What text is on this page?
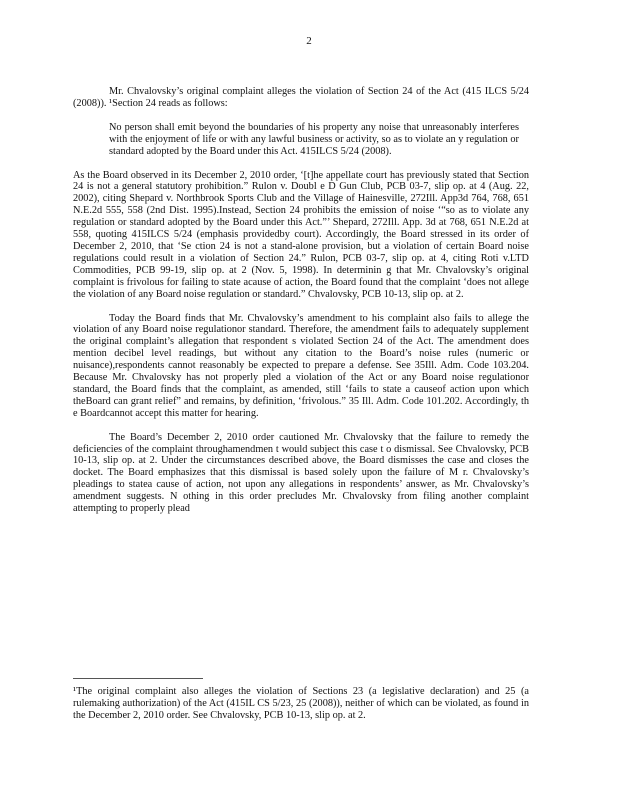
2

Mr. Chvalovsky’s original complaint alleges the violation of Section 24 of the Act (415 ILCS 5/24 (2008)). ¹Section 24 reads as follows:

No person shall emit beyond the boundaries of his property any noise that unreasonably interferes with the enjoyment of life or with any lawful business or activity, so as to violate an y regulation or standard adopted by the Board under this Act. 415ILCS 5/24 (2008).

As the Board observed in its December 2, 2010 order, ‘[t]he appellate court has previously stated that Section 24 is not a general statutory prohibition.” Rulon v. Doubl e D Gun Club, PCB 03-7, slip op. at 4 (Aug. 22, 2002), citing Shepard v. Northbrook Sports Club and the Village of Hainesville, 272Ill. App3d 764, 768, 651 N.E.2d 555, 558 (2nd Dist. 1995).Instead, Section 24 prohibits the emission of noise ‘“so as to violate any regulation or standard adopted by the Board under this Act.”’ Shepard, 272Ill. App. 3d at 768, 651 N.E.2d at 558, quoting 415ILCS 5/24 (emphasis providedby court). Accordingly, the Board stressed in its order of December 2, 2010, that ‘Se ction 24 is not a stand-alone provision, but a violation of certain Board noise regulations could result in a violation of Section 24.” Rulon, PCB 03-7, slip op. at 4, citing Roti v.LTD Commodities, PCB 99-19, slip op. at 2 (Nov. 5, 1998). In determinin g that Mr. Chvalovsky’s original complaint is frivolous for failing to state acause of action, the Board found that the complaint ‘does not allege the violation of any Board noise regulation or standard.” Chvalovsky, PCB 10-13, slip op. at 2.

Today the Board finds that Mr. Chvalovsky’s amendment to his complaint also fails to allege the violation of any Board noise regulationor standard. Therefore, the amendment fails to adequately supplement the original complaint’s allegation that respondent s violated Section 24 of the Act. The amendment does mention decibel level readings, but without any citation to the Board’s noise rules (numeric or nuisance),respondents cannot reasonably be expected to prepare a defense. See 35Ill. Adm. Code 103.204. Because Mr. Chvalovsky has not properly pled a violation of the Act or any Board noise regulationor standard, the Board finds that the complaint, as amended, still ‘fails to state a causeof action upon which theBoard can grant relief” and remains, by definition, ‘frivolous.” 35 Ill. Adm. Code 101.202. Accordingly, th e Boardcannot accept this matter for hearing.

The Board’s December 2, 2010 order cautioned Mr. Chvalovsky that the failure to remedy the deficiencies of the complaint throughamendmen t would subject this case t o dismissal. See Chvalovsky, PCB 10-13, slip op. at 2. Under the circumstances described above, the Board dismisses the case and closes the docket. The Board emphasizes that this dismissal is based solely upon the failure of M r. Chvalovsky’s pleadings to statea cause of action, not upon any allegations in respondents’ answer, as Mr. Chvalovsky’s amendment suggests. N othing in this order precludes Mr. Chvalovsky from filing another complaint attempting to properly plead

¹The original complaint also alleges the violation of Sections 23 (a legislative declaration) and 25 (a rulemaking authorization) of the Act (415IL CS 5/23, 25 (2008)), neither of which can be violated, as found in the December 2, 2010 order. See Chvalovsky, PCB 10-13, slip op. at 2.
